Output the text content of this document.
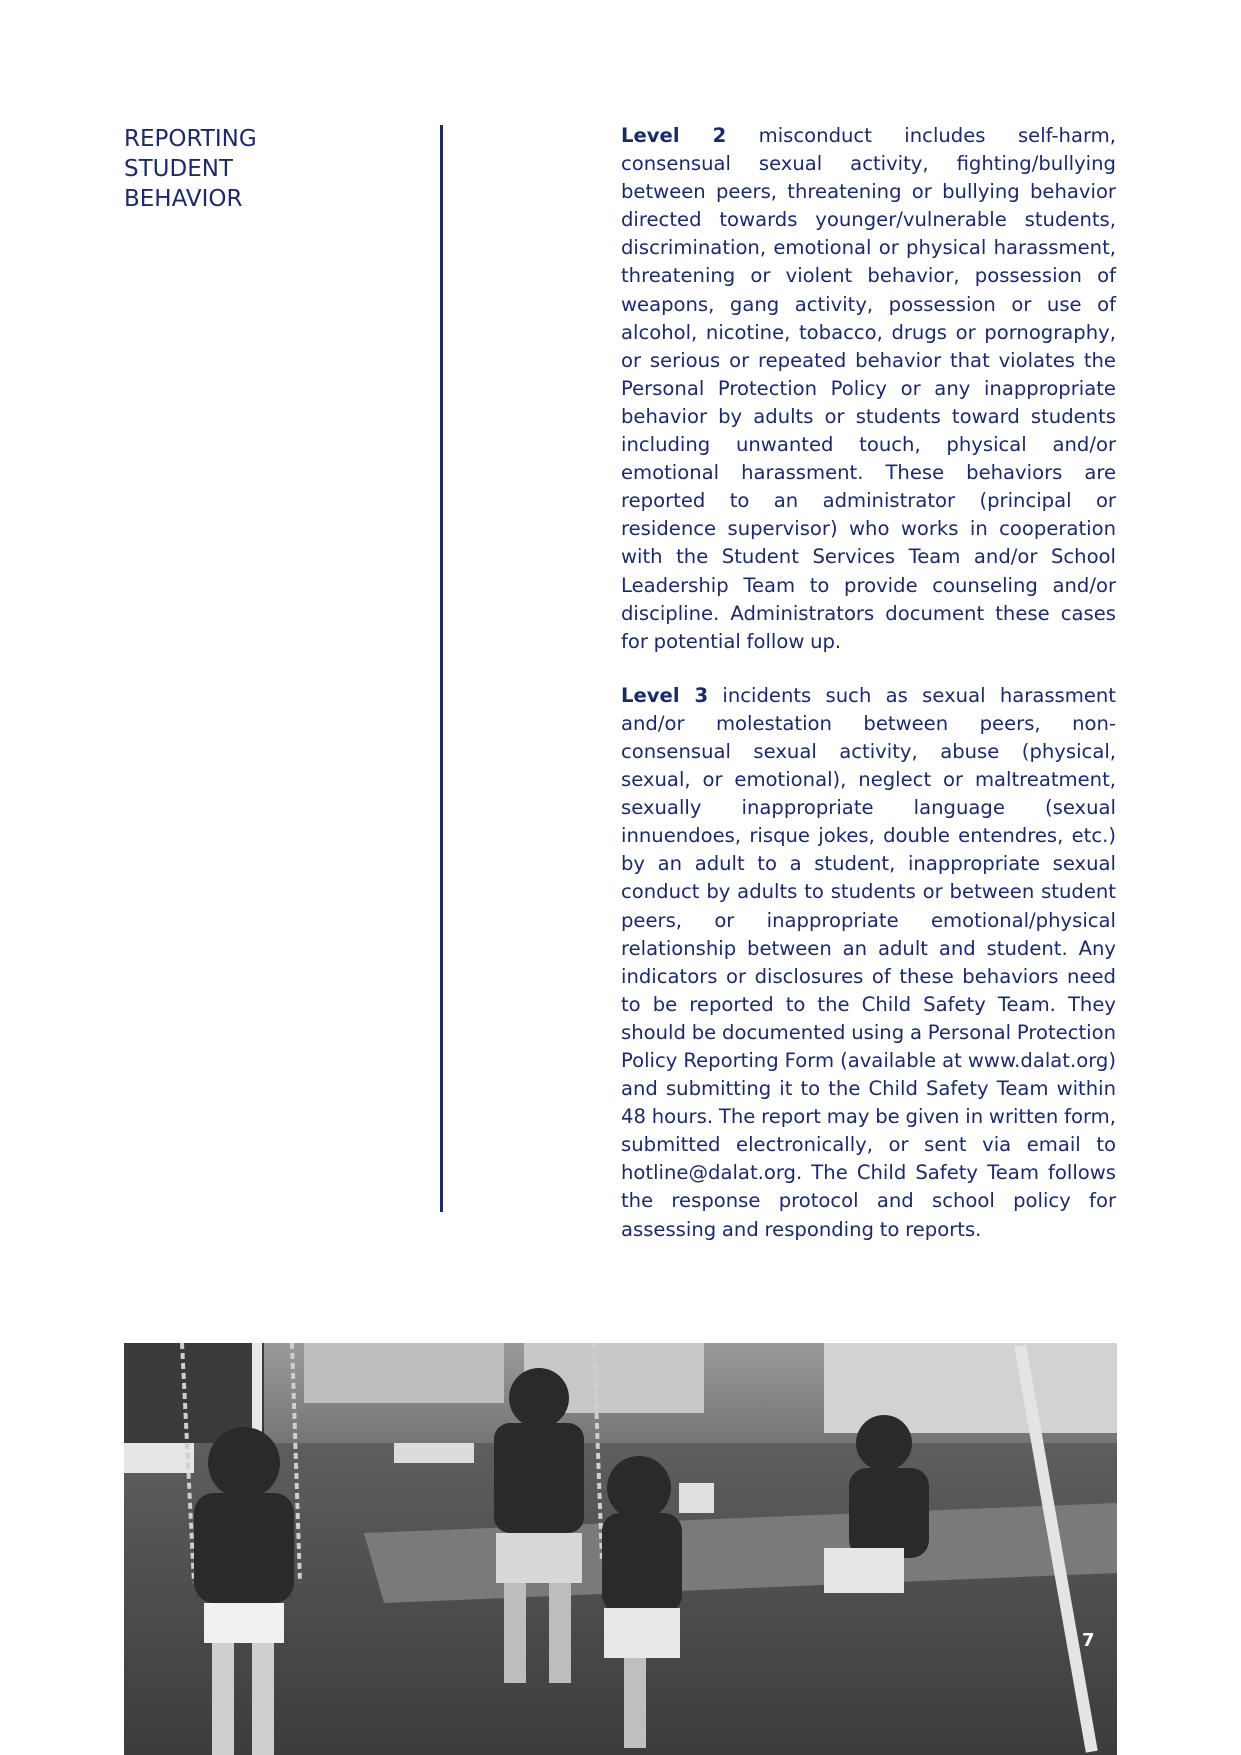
REPORTING
STUDENT
BEHAVIOR

Level 2 misconduct includes self-harm, consensual sexual activity, fighting/bullying between peers, threatening or bullying behavior directed towards younger/vulnerable students, discrimination, emotional or physical harassment, threatening or violent behavior, possession of weapons, gang activity, possession or use of alcohol, nicotine, tobacco, drugs or pornography, or serious or repeated behavior that violates the Personal Protection Policy or any inappropriate behavior by adults or students toward students including unwanted touch, physical and/or emotional harassment. These behaviors are reported to an administrator (principal or residence supervisor) who works in cooperation with the Student Services Team and/or School Leadership Team to provide counseling and/or discipline. Administrators document these cases for potential follow up.

Level 3 incidents such as sexual harassment and/or molestation between peers, non-consensual sexual activity, abuse (physical, sexual, or emotional), neglect or maltreatment, sexually inappropriate language (sexual innuendoes, risque jokes, double entendres, etc.) by an adult to a student, inappropriate sexual conduct by adults to students or between student peers, or inappropriate emotional/physical relationship between an adult and student. Any indicators or disclosures of these behaviors need to be reported to the Child Safety Team. They should be documented using a Personal Protection Policy Reporting Form (available at www.dalat.org) and submitting it to the Child Safety Team within 48 hours. The report may be given in written form, submitted electronically, or sent via email to hotline@dalat.org. The Child Safety Team follows the response protocol and school policy for assessing and responding to reports.

7
